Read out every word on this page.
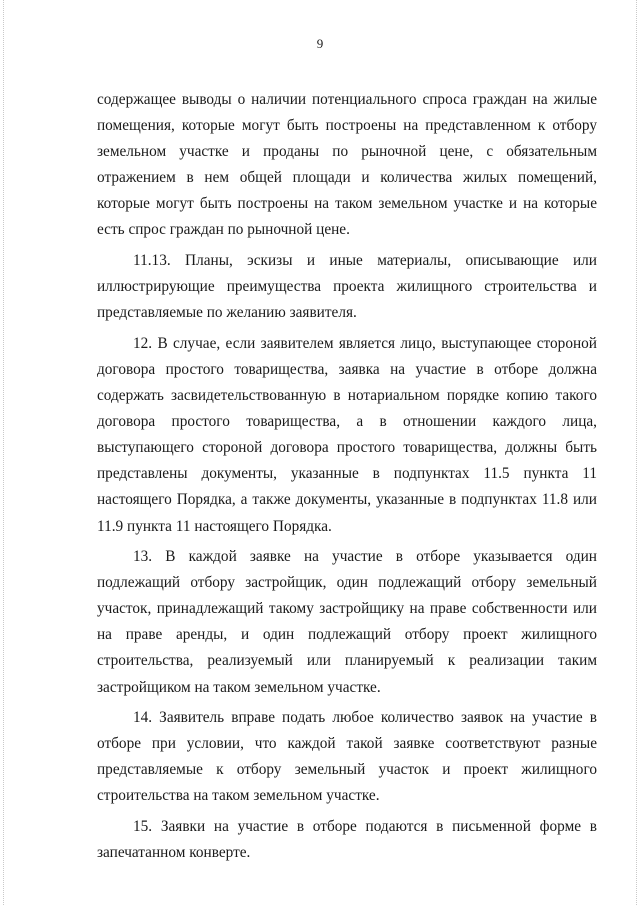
9

содержащее выводы о наличии потенциального спроса граждан на жилые помещения, которые могут быть построены на представленном к отбору земельном участке и проданы по рыночной цене, с обязательным отражением в нем общей площади и количества жилых помещений, которые могут быть построены на таком земельном участке и на которые есть спрос граждан по рыночной цене.

11.13. Планы, эскизы и иные материалы, описывающие или иллюстрирующие преимущества проекта жилищного строительства и представляемые по желанию заявителя.

12. В случае, если заявителем является лицо, выступающее стороной договора простого товарищества, заявка на участие в отборе должна содержать засвидетельствованную в нотариальном порядке копию такого договора простого товарищества, а в отношении каждого лица, выступающего стороной договора простого товарищества, должны быть представлены документы, указанные в подпунктах 11.5 пункта 11 настоящего Порядка, а также документы, указанные в подпунктах 11.8 или 11.9 пункта 11 настоящего Порядка.

13. В каждой заявке на участие в отборе указывается один подлежащий отбору застройщик, один подлежащий отбору земельный участок, принадлежащий такому застройщику на праве собственности или на праве аренды, и один подлежащий отбору проект жилищного строительства, реализуемый или планируемый к реализации таким застройщиком на таком земельном участке.

14. Заявитель вправе подать любое количество заявок на участие в отборе при условии, что каждой такой заявке соответствуют разные представляемые к отбору земельный участок и проект жилищного строительства на таком земельном участке.

15. Заявки на участие в отборе подаются в письменной форме в запечатанном конверте.
